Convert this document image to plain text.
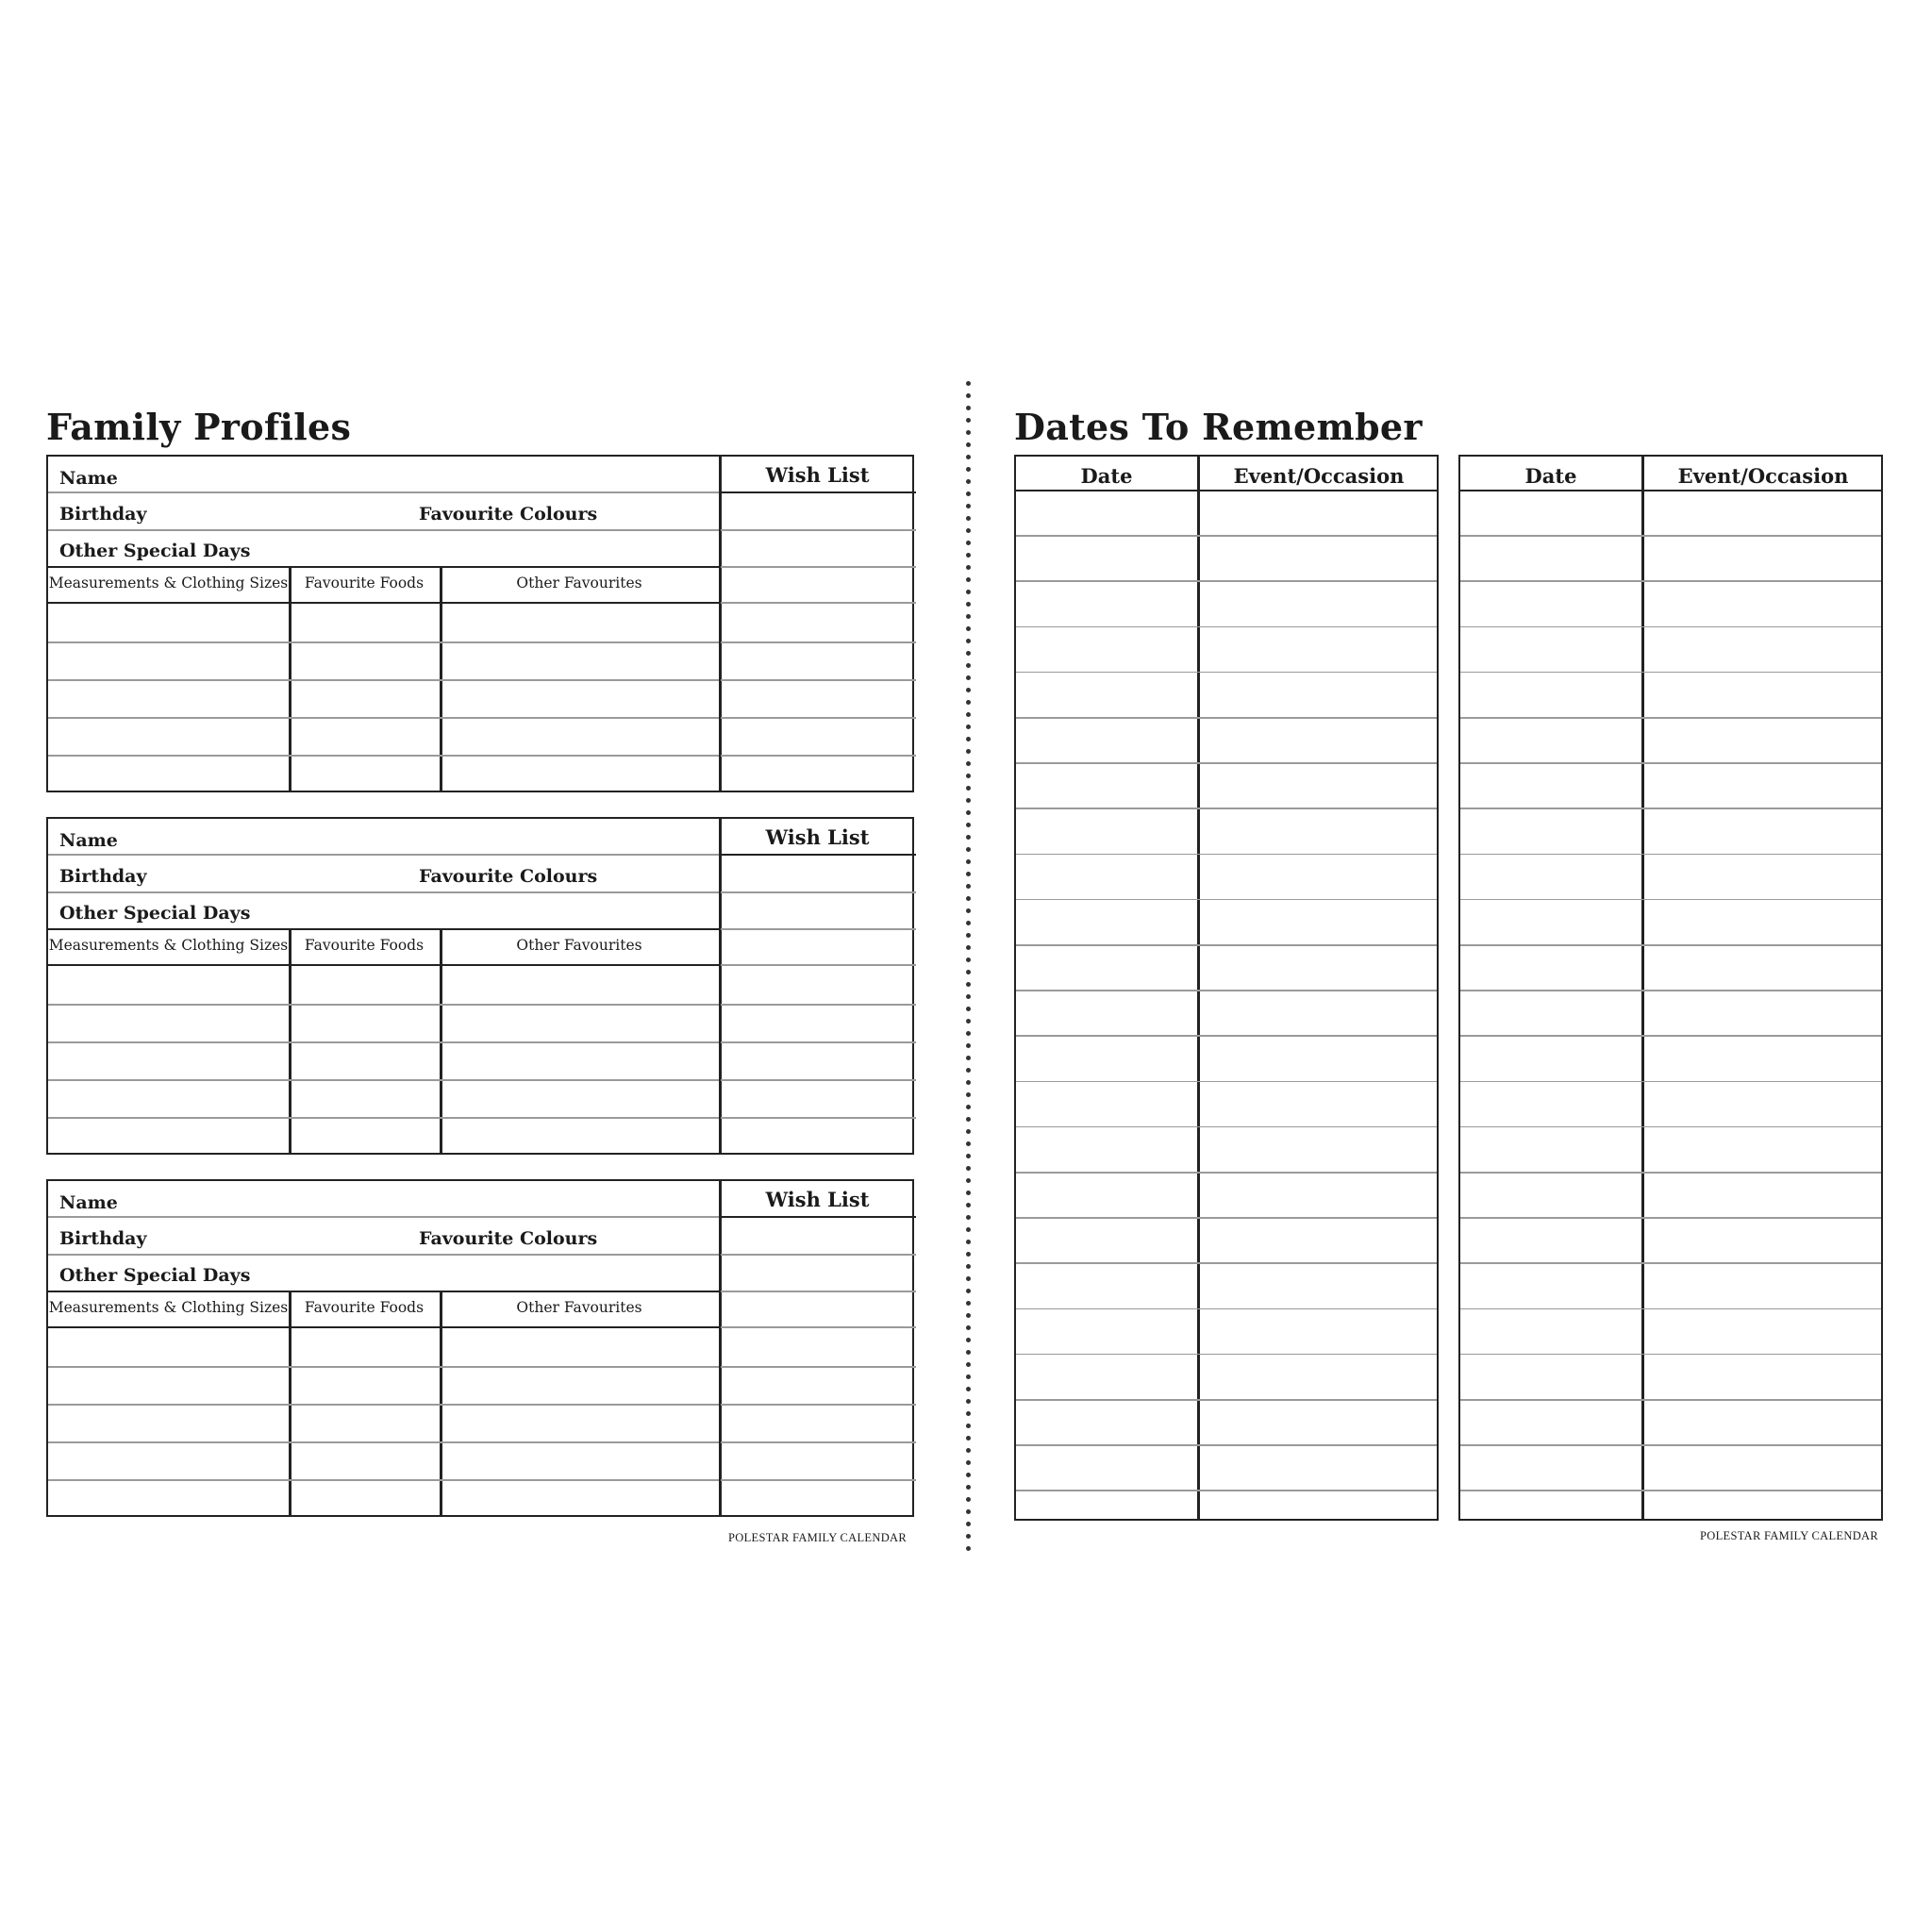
Family Profiles
Name
Birthday	Favourite Colours
Other Special Days
Wish List
Measurements & Clothing Sizes	Favourite Foods	Other Favourites
Name
Birthday	Favourite Colours
Other Special Days
Wish List
Measurements & Clothing Sizes	Favourite Foods	Other Favourites
Name
Birthday	Favourite Colours
Other Special Days
Wish List
Measurements & Clothing Sizes	Favourite Foods	Other Favourites
POLESTAR FAMILY CALENDAR
Dates To Remember
Date	Event/Occasion	Date	Event/Occasion
POLESTAR FAMILY CALENDAR
